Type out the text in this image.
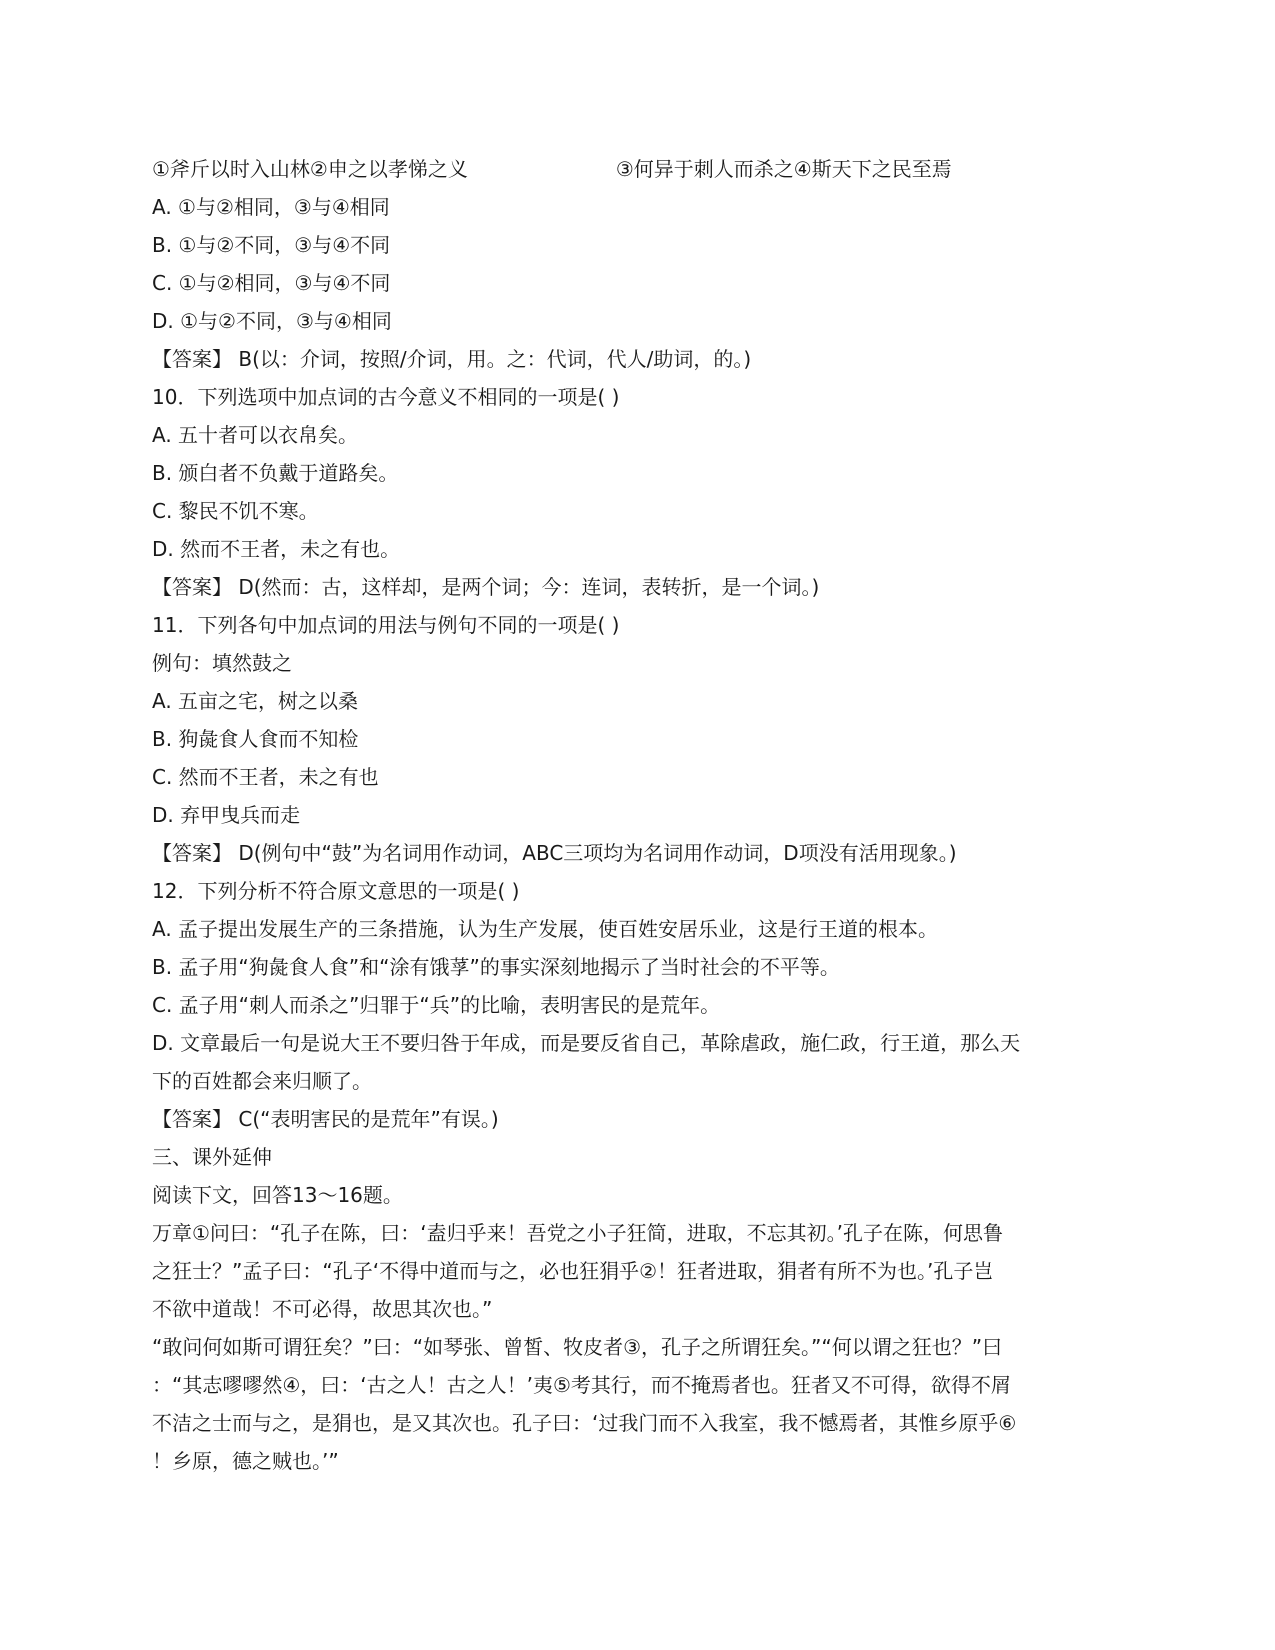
①斧斤以时入山林②申之以孝悌之义	③何异于刺人而杀之④斯天下之民至焉
A. ①与②相同，③与④相同
B. ①与②不同，③与④不同
C. ①与②相同，③与④不同
D. ①与②不同，③与④相同
【答案】 B(以：介词，按照/介词，用。之：代词，代人/助词，的。)
10．下列选项中加点词的古今意义不相同的一项是( )
A. 五十者可以衣帛矣。
B. 颁白者不负戴于道路矣。
C. 黎民不饥不寒。
D. 然而不王者，未之有也。
【答案】 D(然而：古，这样却，是两个词；今：连词，表转折，是一个词。)
11．下列各句中加点词的用法与例句不同的一项是( )
例句：填然鼓之
A. 五亩之宅，树之以桑
B. 狗彘食人食而不知检
C. 然而不王者，未之有也
D. 弃甲曳兵而走
【答案】 D(例句中“鼓”为名词用作动词，ABC三项均为名词用作动词，D项没有活用现象。)
12．下列分析不符合原文意思的一项是( )
A. 孟子提出发展生产的三条措施，认为生产发展，使百姓安居乐业，这是行王道的根本。
B. 孟子用“狗彘食人食”和“涂有饿莩”的事实深刻地揭示了当时社会的不平等。
C. 孟子用“刺人而杀之”归罪于“兵”的比喻，表明害民的是荒年。
D. 文章最后一句是说大王不要归咎于年成，而是要反省自己，革除虐政，施仁政，行王道，那么天
下的百姓都会来归顺了。
【答案】 C(“表明害民的是荒年”有误。)
三、课外延伸
阅读下文，回答13～16题。
万章①问曰：“孔子在陈，曰：‘盍归乎来！吾党之小子狂简，进取，不忘其初。’孔子在陈，何思鲁
之狂士？”孟子曰：“孔子‘不得中道而与之，必也狂狷乎②！狂者进取，狷者有所不为也。’孔子岂
不欲中道哉！不可必得，故思其次也。”
“敢问何如斯可谓狂矣？”曰：“如琴张、曾皙、牧皮者③，孔子之所谓狂矣。”“何以谓之狂也？”曰
：“其志嘐嘐然④，曰：‘古之人！古之人！’夷⑤考其行，而不掩焉者也。狂者又不可得，欲得不屑
不洁之士而与之，是狷也，是又其次也。孔子曰：‘过我门而不入我室，我不憾焉者，其惟乡原乎⑥
！乡原，德之贼也。’”
